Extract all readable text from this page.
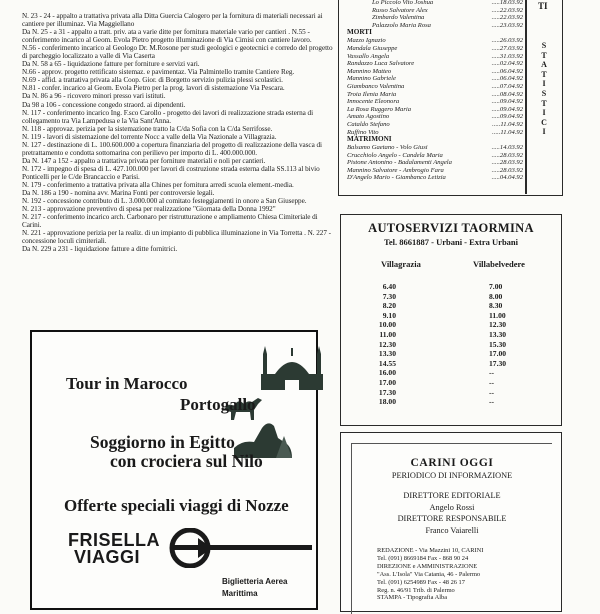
N. 23 - 24 - appalto a trattativa privata alla Ditta Guercia Calogero per la fornitura di materiali necessari ai cantiere per illuminaz. Via Maggiellano

Da N. 25 - a 31 - appalto a tratt. priv. ata a varie ditte per fornitura materiale vario per cantieri . N.55 - conferimento incarico al Geom. Evola Pietro progetto illuminazione di Via Cimisi con cantiere lavoro.

N.56 - conferimento incarico al Geologo Dr. M.Rosone per studi geologici e geotecnici e corredo del progetto di parcheggio localizzato a valle di Via Caserta

Da N. 58 a 65 - liquidazione fatture per forniture e servizi vari.

N.66 - approv. progetto rettificato sistemaz. e pavimentaz. Via Palmintello tramite Cantiere Reg.

N.69 - affid. a trattativa privata alla Coop. Gior. di Borgetto servizio pulizia plessi scolastici.

N.81 - confer. incarico al Geom. Evola Pietro per la prog. lavori di sistemazione Via Pescara.

Da N. 86 a 96 - ricovero minori presso vari istituti.

Da 98 a 106 - concessione congedo straord. ai dipendenti.

N. 117 - conferimento incarico Ing. F.sco Carollo - progetto dei lavori di realizzazione strada esterna di collegamento tra Via Lampedusa e la Via Sant'Anna.

N. 118 - approvaz. perizia per la sistemazione tratto la C/da Sofia con la C/da Serrifosse.

N. 119 - lavori di sistemazione del torrente Nocc a valle della Via Nazionale a Villagrazia.

N. 127 - destinazione di L. 100.600.000 a copertura finanziaria del progetto di realizzazione della vasca di pretrattamento e condotta sottomarina con perilievo per importo di L. 400.000.000.

Da N. 147 a 152 - appalto a trattativa privata per forniture materiali e noli per cantieri.

N. 172 - impegno di spesa di L. 427.100.000 per lavori di costruzione strada esterna dalla SS.113 al bivio Ponticelli per le C/de Brancaccio e Parisi.

N. 179 - conferimento a trattativa privata alla Chines per fornitura arredi scuola element.-media.

Da N. 186 a 190 - nomina avv. Marina Fonti per controversie legali.

N. 192 - concessione contributo di L. 3.000.000 al comitato festeggiamenti in onore a San Giuseppe.

N. 213 - approvazione preventivo di spesa per realizzazione "Giornata della Donna 1992"

N. 217 - conferimento incarico arch. Carbonaro per ristrutturazione e ampliamento Chiesa Cimiteriale di Carini.

N. 221 - approvazione perizia per la realiz. di un impianto di pubblica illuminazione in Via Torretta . N. 227 - concessione loculi cimiteriali.

Da N. 229 a 231 - liquidazione fatture a ditte fornitrici.

Tour in Marocco
Portogallo
Soggiorno in Egitto
con crociera sul Nilo
Offerte speciali viaggi di Nozze
FRISELLA
VIAGGI
Biglietteria Aerea
Marittima
Lo Piccolo Vito Joshua	.....18.03.92
Russo Salvatore Alex	.....22.03.92
Zimbardo Valentina	.....22.03.92
Palazzolo Maria Rosa	.....23.03.92
MORTI
Mazzo Ignazio	.....26.03.92
Mandala Giuseppe	.....27.03.92
Vassallo Angela	.....31.03.92
Randazzo Luca Salvatore	.....02.04.92
Mannino Matteo	.....06.04.92
Mannino Gabriele	.....06.04.92
Giambanco Valentina	.....07.04.92
Troia Ilenia Maria	.....08.04.92
Innocente Eleonora	.....09.04.92
La Rosa Ruggero Maria	.....09.04.92
Amato Agostino	.....09.04.92
Cataldo Stefano	.....11.04.92
Ruffino Vito	.....11.04.92
MATRIMONI
Balsamo Gaetano - Volo Giusi	.....14.03.92
Crucchiolo Angelo - Candela Maria	.....28.03.92
Pistone Antonino - Badalamenti Angela	.....28.03.92
Mannino Salvatore - Ambrogio Fara	.....28.03.92
D'Angelo Mario - Giambanco Letizia	.....04.04.92
TI
S
T
A
T
I
S
T
I
C
I
AUTOSERVIZI TAORMINA
Tel. 8661887 - Urbani - Extra Urbani
Villagrazia	Villabelvedere
6.40	7.00
7.30	8.00
8.20	8.30
9.10	11.00
10.00	12.30
11.00	13.30
12.30	15.30
13.30	17.00
14.55	17.30
16.00	--
17.00	--
17.30	--
18.00	--
CARINI OGGI
PERIODICO DI INFORMAZIONE
DIRETTORE EDITORIALE
Angelo Rossi
DIRETTORE RESPONSABILE
Franco Vaiarelli
REDAZIONE - Via Mazzini 10, CARINI
Tel. (091) 8669184 Fax - 868 90 24
DIREZIONE e AMMINISTRAZIONE
"Ass. L'Isola" Via Catania, 46 - Palermo
Tel. (091) 6254989 Fax - 48 26 17
Reg. n. 46/91 Trib. di Palermo
STAMPA - Tipografia Alba
